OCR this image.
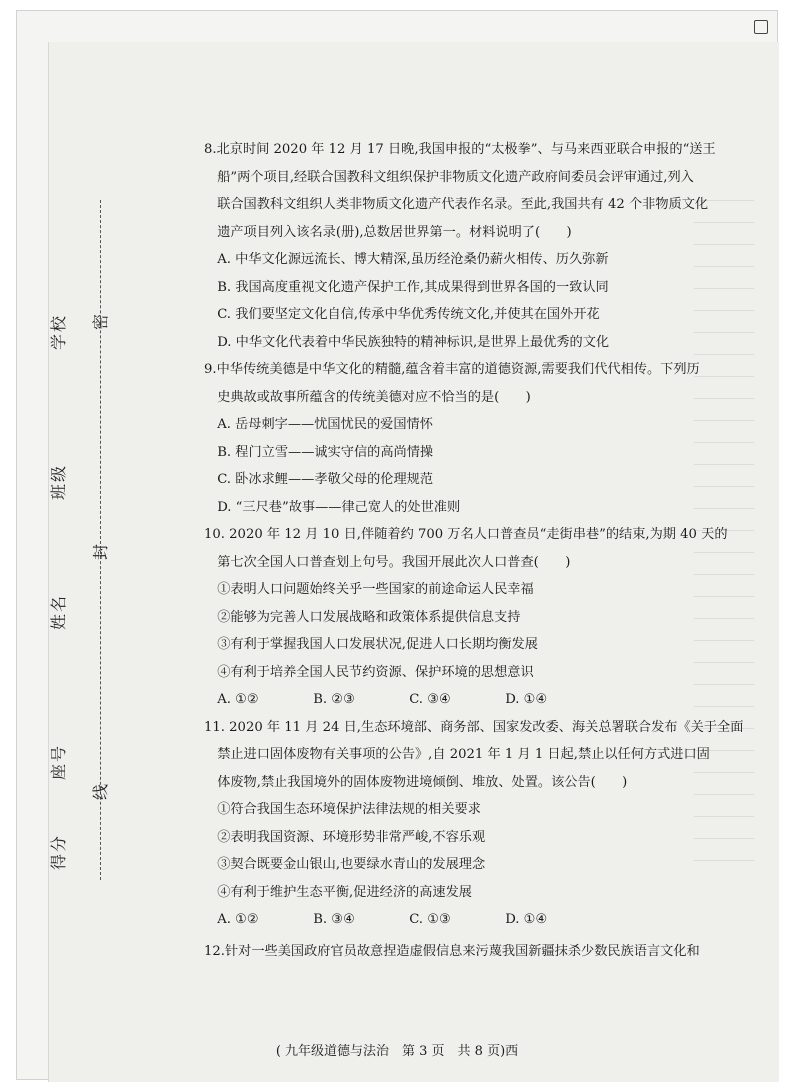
学校
班级
姓名
座号
得分
密
封
线

8.北京时间 2020 年 12 月 17 日晚,我国申报的“太极拳”、与马来西亚联合申报的“送王
船”两个项目,经联合国教科文组织保护非物质文化遗产政府间委员会评审通过,列入
联合国教科文组织人类非物质文化遗产代表作名录。至此,我国共有 42 个非物质文化
遗产项目列入该名录(册),总数居世界第一。材料说明了(　　)

A. 中华文化源远流长、博大精深,虽历经沧桑仍薪火相传、历久弥新

B. 我国高度重视文化遗产保护工作,其成果得到世界各国的一致认同

C. 我们要坚定文化自信,传承中华优秀传统文化,并使其在国外开花

D. 中华文化代表着中华民族独特的精神标识,是世界上最优秀的文化

9.中华传统美德是中华文化的精髓,蕴含着丰富的道德资源,需要我们代代相传。下列历
史典故或故事所蕴含的传统美德对应不恰当的是(　　)

A. 岳母刺字——忧国忧民的爱国情怀

B. 程门立雪——诚实守信的高尚情操

C. 卧冰求鲤——孝敬父母的伦理规范

D. “三尺巷”故事——律己宽人的处世准则

10. 2020 年 12 月 10 日,伴随着约 700 万名人口普查员“走街串巷”的结束,为期 40 天的
第七次全国人口普查划上句号。我国开展此次人口普查(　　)

①表明人口问题始终关乎一些国家的前途命运人民幸福

②能够为完善人口发展战略和政策体系提供信息支持

③有利于掌握我国人口发展状况,促进人口长期均衡发展

④有利于培养全国人民节约资源、保护环境的思想意识

A. ①②	B. ②③	C. ③④	D. ①④

11. 2020 年 11 月 24 日,生态环境部、商务部、国家发改委、海关总署联合发布《关于全面
禁止进口固体废物有关事项的公告》,自 2021 年 1 月 1 日起,禁止以任何方式进口固
体废物,禁止我国境外的固体废物进境倾倒、堆放、处置。该公告(　　)

①符合我国生态环境保护法律法规的相关要求

②表明我国资源、环境形势非常严峻,不容乐观

③契合既要金山银山,也要绿水青山的发展理念

④有利于维护生态平衡,促进经济的高速发展

A. ①②	B. ③④	C. ①③	D. ①④

12.针对一些美国政府官员故意捏造虚假信息来污蔑我国新疆抹杀少数民族语言文化和

( 九年级道德与法治　第 3 页　共 8 页)西
